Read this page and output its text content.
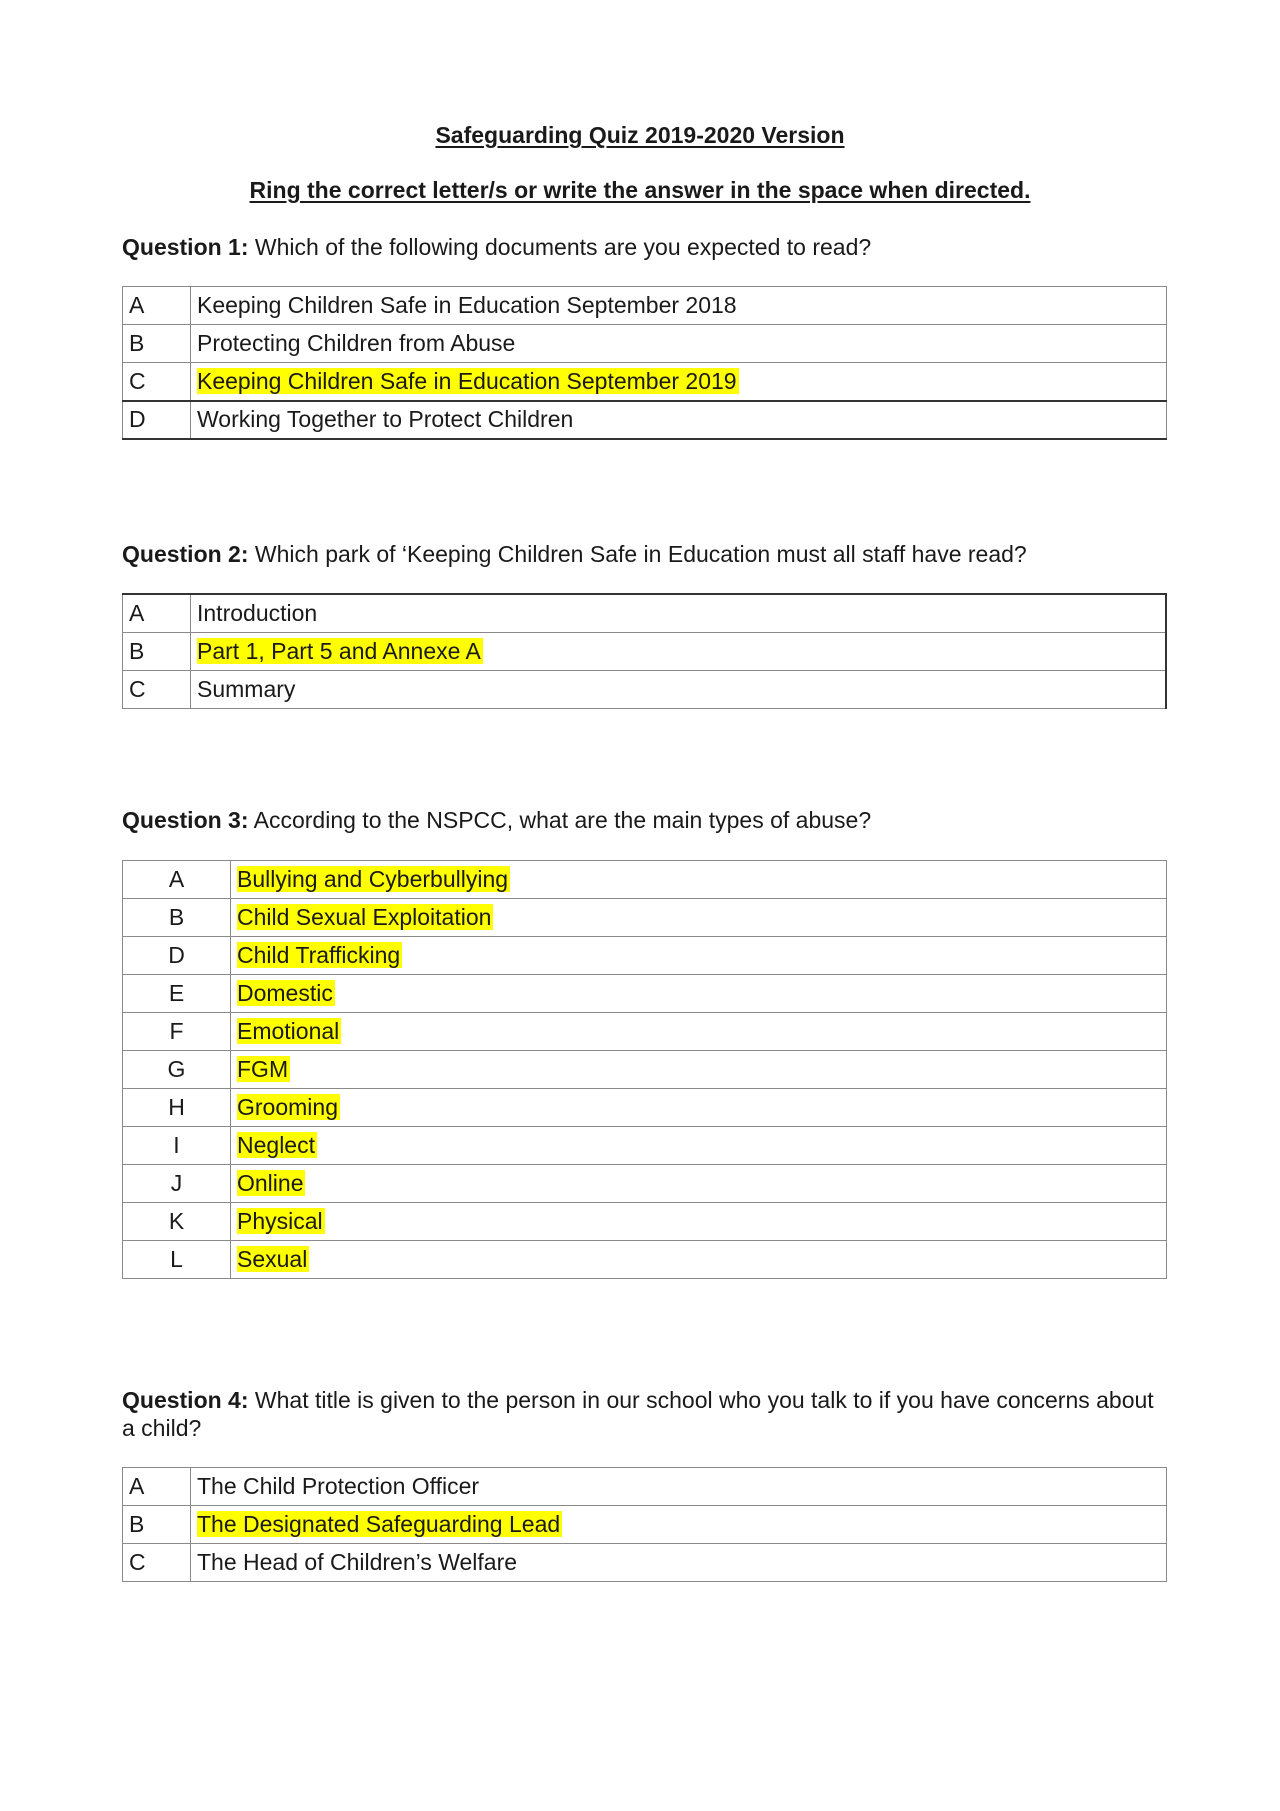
Safeguarding Quiz 2019-2020 Version

Ring the correct letter/s or write the answer in the space when directed.

Question 1: Which of the following documents are you expected to read?

A	Keeping Children Safe in Education September 2018
B	Protecting Children from Abuse
C	Keeping Children Safe in Education September 2019
D	Working Together to Protect Children

Question 2: Which park of ‘Keeping Children Safe in Education must all staff have read?

A	Introduction
B	Part 1, Part 5 and Annexe A
C	Summary

Question 3: According to the NSPCC, what are the main types of abuse?

A	Bullying and Cyberbullying
B	Child Sexual Exploitation
D	Child Trafficking
E	Domestic
F	Emotional
G	FGM
H	Grooming
I	Neglect
J	Online
K	Physical
L	Sexual

Question 4: What title is given to the person in our school who you talk to if you have concerns about a child?

A	The Child Protection Officer
B	The Designated Safeguarding Lead
C	The Head of Children’s Welfare
